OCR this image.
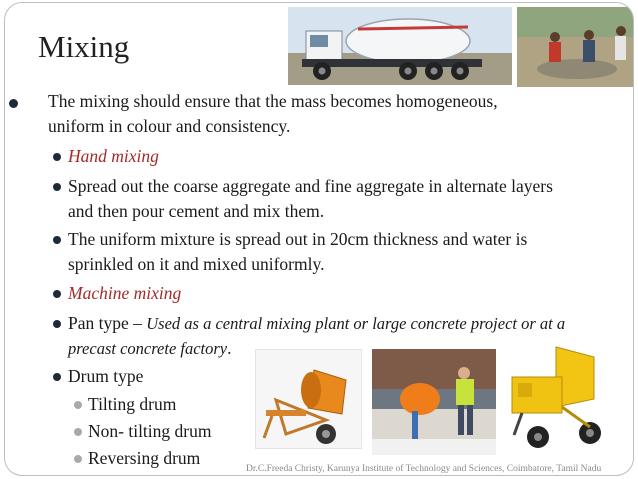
Mixing
The mixing should ensure that the mass becomes homogeneous,
uniform in colour and consistency.
Hand mixing
Spread out the coarse aggregate and fine aggregate in alternate layers
and then pour cement and mix them.
The uniform mixture is spread out in 20cm thickness and water is
sprinkled on it and mixed uniformly.
Machine mixing
Pan type – Used as a central mixing plant or large concrete project or at a
precast concrete factory.
Drum type
Tilting drum
Non- tilting drum
Reversing drum
Dr.C.Freeda Christy, Karunya Institute of Technology and Sciences, Coimbatore, Tamil Nadu
